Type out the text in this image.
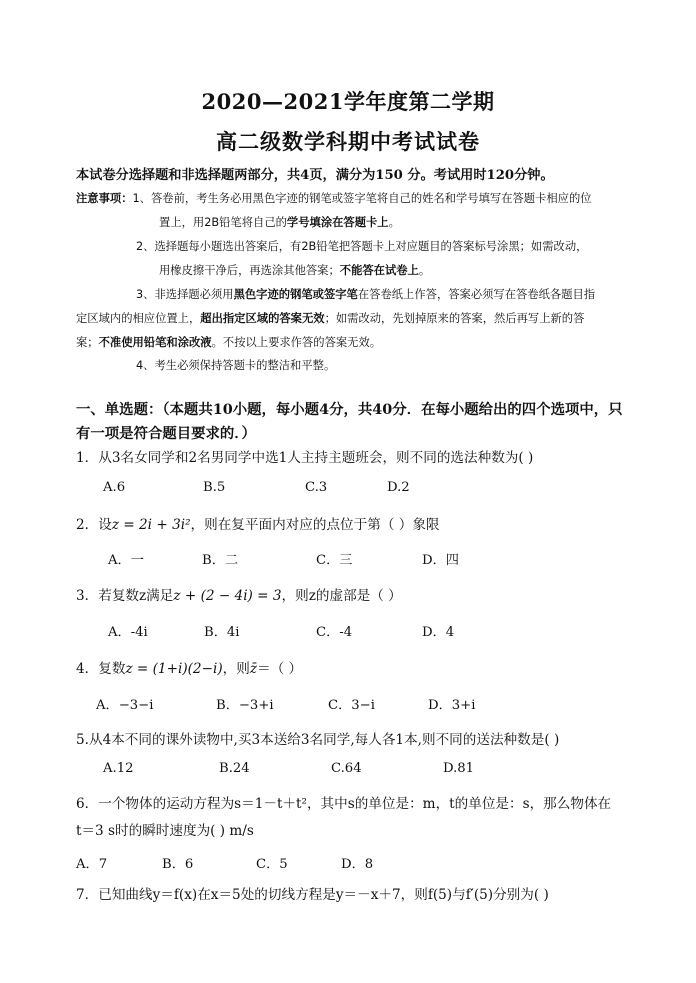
2020—2021学年度第二学期
高二级数学科期中考试试卷
本试卷分选择题和非选择题两部分，共4页，满分为150 分。考试用时120分钟。
注意事项：1、答卷前，考生务必用黑色字迹的钢笔或签字笔将自己的姓名和学号填写在答题卡相应的位
置上，用2B铅笔将自己的学号填涂在答题卡上。
2、选择题每小题选出答案后，有2B铅笔把答题卡上对应题目的答案标号涂黑；如需改动，
用橡皮擦干净后，再选涂其他答案；不能答在试卷上。
3、非选择题必须用黑色字迹的钢笔或签字笔在答卷纸上作答，答案必须写在答卷纸各题目指
定区域内的相应位置上，超出指定区域的答案无效；如需改动，先划掉原来的答案，然后再写上新的答
案；不准使用铅笔和涂改液。不按以上要求作答的答案无效。
4、考生必须保持答题卡的整洁和平整。
一、单选题：（本题共10小题，每小题4分，共40分．在每小题给出的四个选项中，只
有一项是符合题目要求的．）
1．从3名女同学和2名男同学中选1人主持主题班会，则不同的选法种数为( )
A.6	B.5	C.3	D.2
2．设z = 2i + 3i²，则在复平面内对应的点位于第（ ）象限
A．一	B．二	C．三	D．四
3．若复数z满足z + (2 − 4i) = 3，则z的虚部是（ ）
A．-4i	B．4i	C．-4	D．4
4．复数z = (1+i)(2−i)，则z̄＝（ ）
A．−3−i	B．−3+i	C．3−i	D．3+i
5.从4本不同的课外读物中,买3本送给3名同学,每人各1本,则不同的送法种数是( )
A.12	B.24	C.64	D.81
6．一个物体的运动方程为s＝1－t＋t²，其中s的单位是：m，t的单位是：s，那么物体在
t＝3 s时的瞬时速度为( ) m/s
A．7	B．6	C．5	D．8
7．已知曲线y＝f(x)在x＝5处的切线方程是y＝－x＋7，则f(5)与f′(5)分别为( )
